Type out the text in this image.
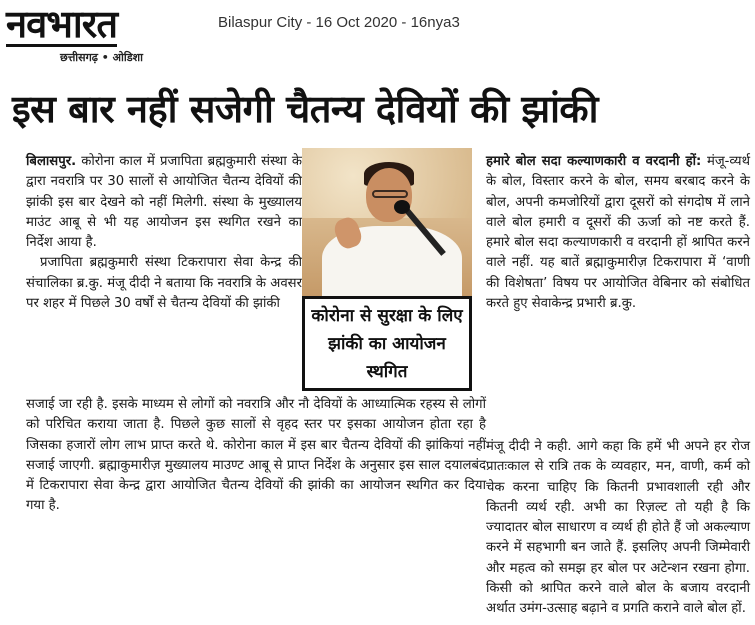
नवभारत
छत्तीसगढ़ • ओडिशा
Bilaspur City - 16 Oct 2020 - 16nya3
इस बार नहीं सजेगी चैतन्य देवियों की झांकी

बिलासपुर. कोरोना काल में प्रजापिता ब्रह्मकुमारी संस्था के द्वारा नवरात्रि पर 30 सालों से आयोजित चैतन्य देवियों की झांकी इस बार देखने को नहीं मिलेगी. संस्था के मुख्यालय माउंट आबू से भी यह आयोजन इस स्थगित रखने का निर्देश आया है.

प्रजापिता ब्रह्मकुमारी संस्था टिकरापारा सेवा केन्द्र की संचालिका ब्र.कु. मंजू दीदी ने बताया कि नवरात्रि के अवसर पर शहर में पिछले 30 वर्षों से चैतन्य देवियों की झांकी

कोरोना से सुरक्षा के लिए झांकी का आयोजन स्थगित

सजाई जा रही है. इसके माध्यम से लोगों को नवरात्रि और नौ देवियों के आध्यात्मिक रहस्य से लोगों को परिचित कराया जाता है. पिछले कुछ सालों से वृहद स्तर पर इसका आयोजन होता रहा है जिसका हजारों लोग लाभ प्राप्त करते थे. कोरोना काल में इस बार चैतन्य देवियों की झांकियां नहीं सजाई जाएगी. ब्रह्माकुमारीज़ मुख्यालय माउण्ट आबू से प्राप्त निर्देश के अनुसार इस साल दयालबंद में टिकरापारा सेवा केन्द्र द्वारा आयोजित चैतन्य देवियों की झांकी का आयोजन स्थगित कर दिया गया है.

हमारे बोल सदा कल्याणकारी व वरदानी हों: मंजू-व्यर्थ के बोल, विस्तार करने के बोल, समय बरबाद करने के बोल, अपनी कमजोरियों द्वारा दूसरों को संगदोष में लाने वाले बोल हमारी व दूसरों की ऊर्जा को नष्ट करते हैं. हमारे बोल सदा कल्याणकारी व वरदानी हों श्रापित करने वाले नहीं. यह बातें ब्रह्माकुमारीज़ टिकरापारा में ‘वाणी की विशेषता’ विषय पर आयोजित वेबिनार को संबोधित करते हुए सेवाकेन्द्र प्रभारी ब्र.कु.

मंजू दीदी ने कही. आगे कहा कि हमें भी अपने हर रोज प्रातःकाल से रात्रि तक के व्यवहार, मन, वाणी, कर्म को चेक करना चाहिए कि कितनी प्रभावशाली रही और कितनी व्यर्थ रही. अभी का रिज़ल्ट तो यही है कि ज्यादातर बोल साधारण व व्यर्थ ही होते हैं जो अकल्याण करने में सहभागी बन जाते हैं. इसलिए अपनी जिम्मेवारी और महत्व को समझ हर बोल पर अटेन्शन रखना होगा. किसी को श्रापित करने वाले बोल के बजाय वरदानी अर्थात उमंग-उत्साह बढ़ाने व प्रगति कराने वाले बोल हों.
